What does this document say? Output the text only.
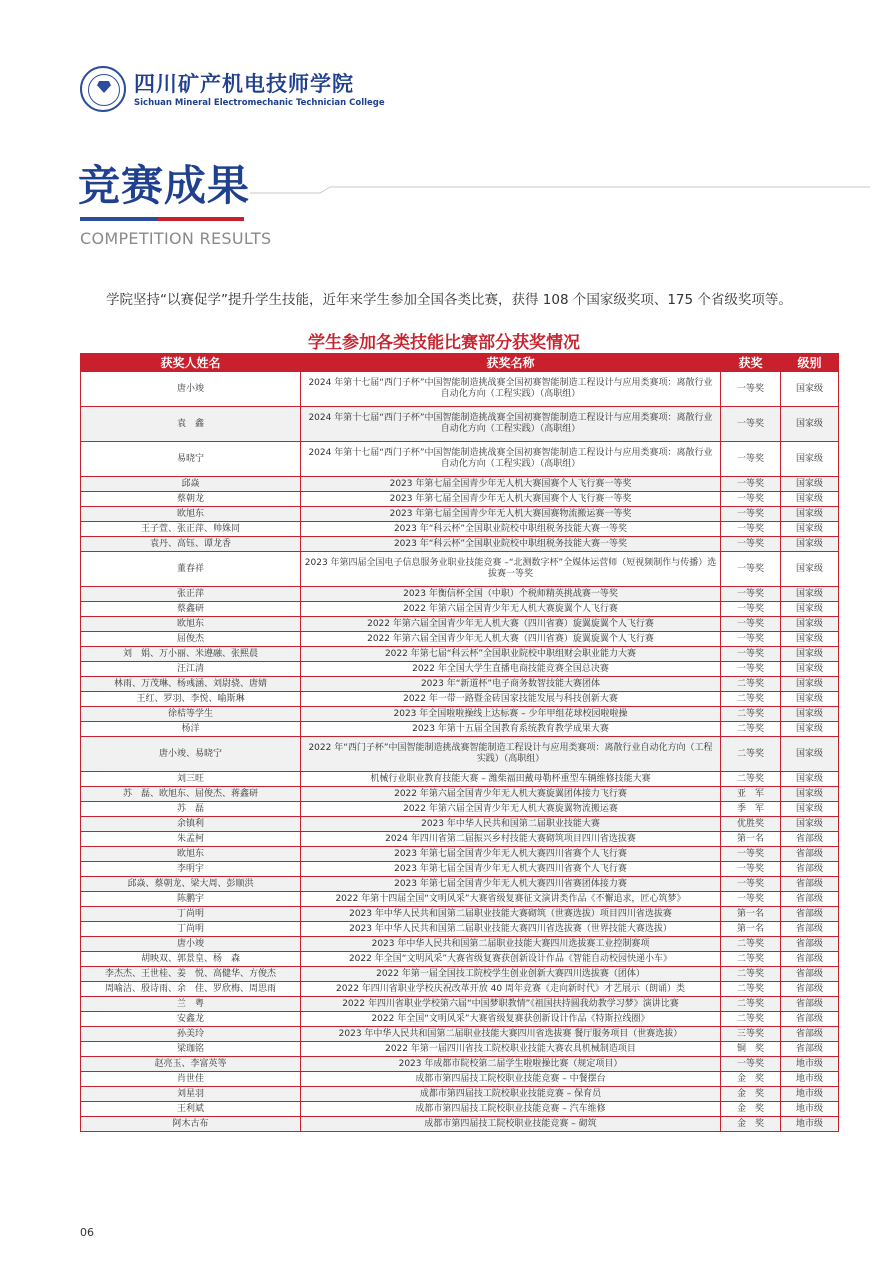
四川矿产机电技师学院
Sichuan Mineral Electromechanic Technician College
竞赛成果
COMPETITION RESULTS
学院坚持“以赛促学”提升学生技能，近年来学生参加全国各类比赛，获得 108 个国家级奖项、175 个省级奖项等。
学生参加各类技能比赛部分获奖情况
获奖人姓名	获奖名称	获奖	级别
唐小竣	2024 年第十七届“西门子杯”中国智能制造挑战赛全国初赛智能制造工程设计与应用类赛项：离散行业自动化方向（工程实践）（高职组）	一等奖	国家级
袁　鑫	2024 年第十七届“西门子杯”中国智能制造挑战赛全国初赛智能制造工程设计与应用类赛项：离散行业自动化方向（工程实践）（高职组）	一等奖	国家级
易晓宁	2024 年第十七届“西门子杯”中国智能制造挑战赛全国初赛智能制造工程设计与应用类赛项：离散行业自动化方向（工程实践）（高职组）	一等奖	国家级
邱焱	2023 年第七届全国青少年无人机大赛国赛个人飞行赛一等奖	一等奖	国家级
蔡朝龙	2023 年第七届全国青少年无人机大赛国赛个人飞行赛一等奖	一等奖	国家级
欧旭东	2023 年第七届全国青少年无人机大赛国赛物流搬运赛一等奖	一等奖	国家级
王子萱、张正萍、帅姝同	2023 年“科云杯”全国职业院校中职组税务技能大赛一等奖	一等奖	国家级
袁丹、高钰、谭龙香	2023 年“科云杯”全国职业院校中职组税务技能大赛一等奖	一等奖	国家级
董春祥	2023 年第四届全国电子信息服务业职业技能竞赛 –“北测数字杯”全媒体运营师（短视频制作与传播）选拔赛一等奖	一等奖	国家级
张正萍	2023 年衡信杯全国（中职）个税师精英挑战赛一等奖	一等奖	国家级
蔡鑫研	2022 年第六届全国青少年无人机大赛旋翼个人飞行赛	一等奖	国家级
欧旭东	2022 年第六届全国青少年无人机大赛（四川省赛）旋翼旋翼个人飞行赛	一等奖	国家级
屈俊杰	2022 年第六届全国青少年无人机大赛（四川省赛）旋翼旋翼个人飞行赛	一等奖	国家级
刘　娟、万小丽、米遵融、张熙晨	2022 年第七届“科云杯”全国职业院校中职组财会职业能力大赛	一等奖	国家级
汪江清	2022 年全国大学生直播电商技能竞赛全国总决赛	一等奖	国家级
林雨、万茂琳、杨彧涵、刘尉骁、唐婧	2023 年“新道杯”电子商务数智技能大赛团体	二等奖	国家级
王红、罗羽、李悦、喻斯琳	2022 年一带一路暨金砖国家技能发展与科技创新大赛	二等奖	国家级
徐桔等学生	2023 年全国啦啦操线上达标赛 – 少年甲组花球校园啦啦操	二等奖	国家级
杨洋	2023 年第十五届全国教育系统教育教学成果大赛	二等奖	国家级
唐小竣、易晓宁	2022 年“西门子杯”中国智能制造挑战赛智能制造工程设计与应用类赛项：离散行业自动化方向（工程实践）（高职组）	二等奖	国家级
刘三旺	机械行业职业教育技能大赛 – 潍柴福田戴母勒杯重型车辆维修技能大赛	二等奖	国家级
苏　磊、欧旭东、屈俊杰、蒋鑫研	2022 年第六届全国青少年无人机大赛旋翼团体接力飞行赛	亚　军	国家级
苏　磊	2022 年第六届全国青少年无人机大赛旋翼物流搬运赛	季　军	国家级
余镇利	2023 年中华人民共和国第二届职业技能大赛	优胜奖	国家级
朱孟柯	2024 年四川省第二届振兴乡村技能大赛砌筑项目四川省选拔赛	第一名	省部级
欧旭东	2023 年第七届全国青少年无人机大赛四川省赛个人飞行赛	一等奖	省部级
李明宇	2023 年第七届全国青少年无人机大赛四川省赛个人飞行赛	一等奖	省部级
邱焱、蔡朝龙、梁大周、彭顺洪	2023 年第七届全国青少年无人机大赛四川省赛团体接力赛	一等奖	省部级
陈鹏宇	2022 年第十四届全国“文明风采”大赛省级复赛征文演讲类作品《不懈追求，匠心筑梦》	一等奖	省部级
丁尚明	2023 年中华人民共和国第二届职业技能大赛砌筑（世赛选拔）项目四川省选拔赛	第一名	省部级
丁尚明	2023 年中华人民共和国第二届职业技能大赛四川省选拔赛（世界技能大赛选拔）	第一名	省部级
唐小竣	2023 年中华人民共和国第二届职业技能大赛四川选拔赛工业控制赛项	二等奖	省部级
胡映双、郭景皇、杨　森	2022 年全国“文明风采”大赛省级复赛获创新设计作品《智能自动校园快递小车》	二等奖	省部级
李杰杰、王世桂、姜　悦、高健华、方俊杰	2022 年第一届全国技工院校学生创业创新大赛四川选拔赛（团体）	二等奖	省部级
周喻洁、殷诗雨、余　佳、罗欣梅、周思雨	2022 年四川省职业学校庆祝改革开放 40 周年竞赛《走向新时代》才艺展示（朗诵）类	二等奖	省部级
兰　粤	2022 年四川省职业学校第六届“中国梦职教情”《祖国扶持圆我幼教学习梦》演讲比赛	二等奖	省部级
安鑫龙	2022 年全国“文明风采”大赛省级复赛获创新设计作品《特斯拉线圈》	二等奖	省部级
孙美玲	2023 年中华人民共和国第二届职业技能大赛四川省选拔赛 餐厅服务项目（世赛选拔）	三等奖	省部级
梁珈铭	2022 年第一届四川省技工院校职业技能大赛农具机械制造项目	铜　奖	省部级
赵亮玉、李富英等	2023 年成都市院校第二届学生啦啦操比赛（规定项目）	一等奖	地市级
肖世佳	成都市第四届技工院校职业技能竞赛 – 中餐摆台	金　奖	地市级
刘星羽	成都市第四届技工院校职业技能竞赛 – 保育员	金　奖	地市级
王利斌	成都市第四届技工院校职业技能竞赛 – 汽车维修	金　奖	地市级
阿木古布	成都市第四届技工院校职业技能竞赛 – 砌筑	金　奖	地市级
06
